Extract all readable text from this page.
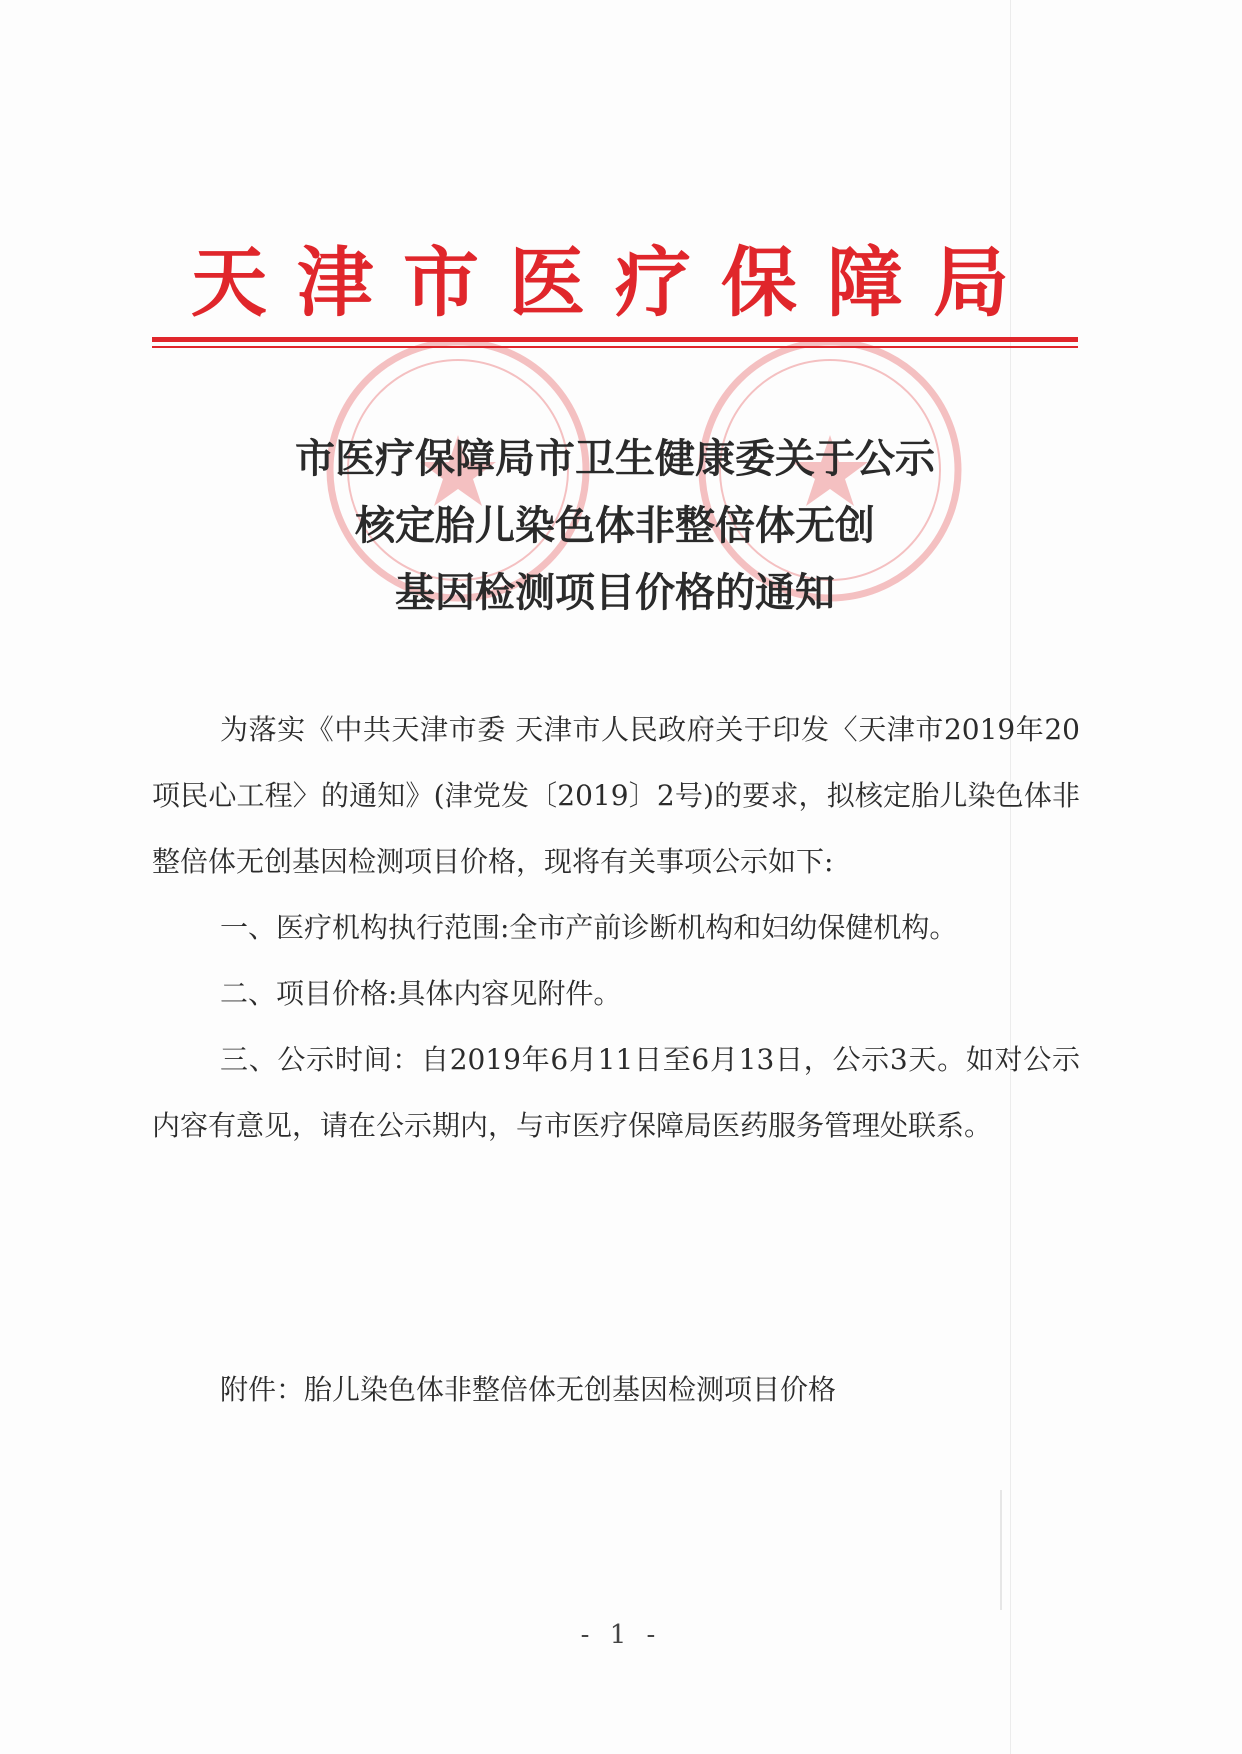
天津市医疗保障局
市医疗保障局市卫生健康委关于公示
核定胎儿染色体非整倍体无创
基因检测项目价格的通知

为落实《中共天津市委 天津市人民政府关于印发〈天津市2019年20项民心工程〉的通知》(津党发〔2019〕2号)的要求，拟核定胎儿染色体非整倍体无创基因检测项目价格，现将有关事项公示如下:

一、医疗机构执行范围:全市产前诊断机构和妇幼保健机构。

二、项目价格:具体内容见附件。

三、公示时间：自2019年6月11日至6月13日，公示3天。如对公示内容有意见，请在公示期内，与市医疗保障局医药服务管理处联系。

附件：胎儿染色体非整倍体无创基因检测项目价格
- 1 -
